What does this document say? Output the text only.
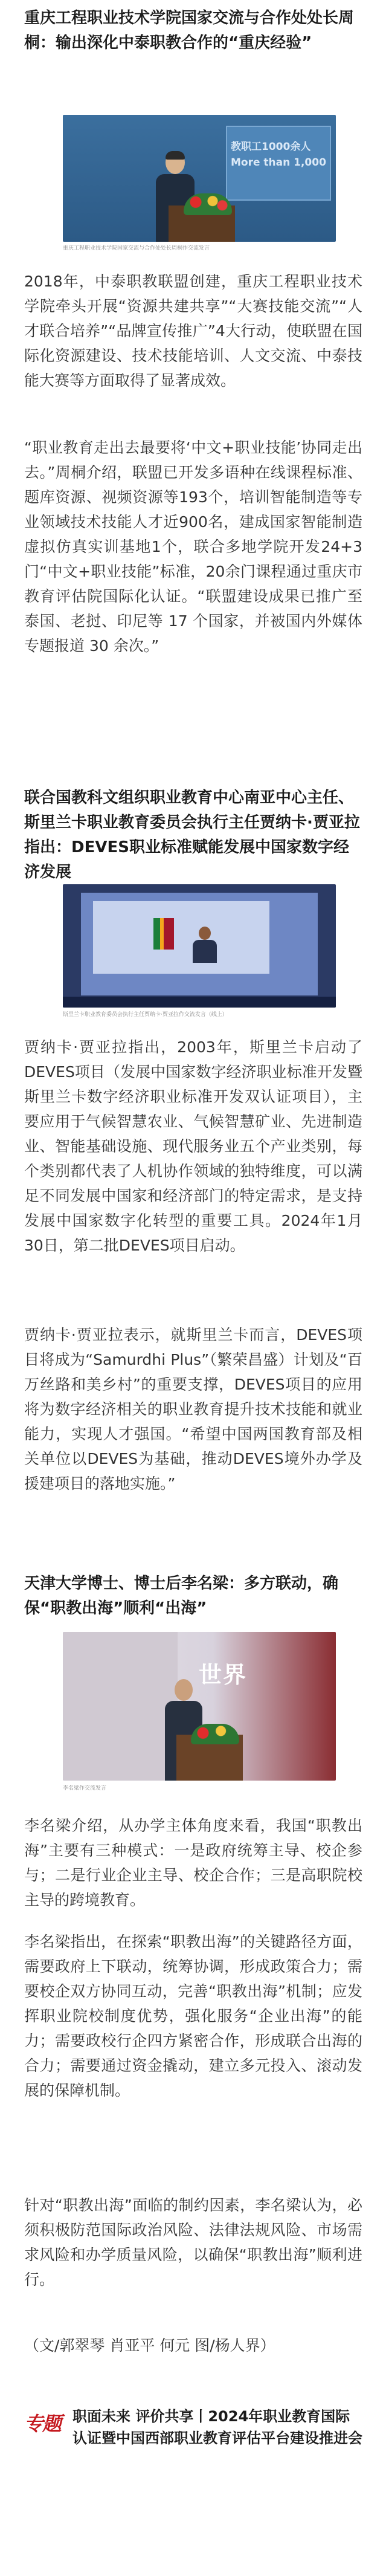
重庆工程职业技术学院国家交流与合作处处长周桐：输出深化中泰职教合作的“重庆经验”
教职工1000余人
More than 1,000
重庆工程职业技术学院国家交流与合作处处长周桐作交流发言

2018年，中泰职教联盟创建，重庆工程职业技术学院牵头开展“资源共建共享”“大赛技能交流”“人才联合培养”“品牌宣传推广”4大行动，使联盟在国际化资源建设、技术技能培训、人文交流、中泰技能大赛等方面取得了显著成效。

“职业教育走出去最要将‘中文+职业技能’协同走出去。”周桐介绍，联盟已开发多语种在线课程标准、题库资源、视频资源等193个，培训智能制造等专业领域技术技能人才近900名，建成国家智能制造虚拟仿真实训基地1个，联合多地学院开发24+3门“中文+职业技能”标准，20余门课程通过重庆市教育评估院国际化认证。“联盟建设成果已推广至泰国、老挝、印尼等 17 个国家，并被国内外媒体专题报道 30 余次。”

联合国教科文组织职业教育中心南亚中心主任、斯里兰卡职业教育委员会执行主任贾纳卡·贾亚拉指出：DEVES职业标准赋能发展中国家数字经济发展
斯里兰卡职业教育委员会执行主任贾纳卡·贾亚拉作交流发言（线上）

贾纳卡·贾亚拉指出，2003年，斯里兰卡启动了DEVES项目（发展中国家数字经济职业标准开发暨斯里兰卡数字经济职业标准开发双认证项目），主要应用于气候智慧农业、气候智慧矿业、先进制造业、智能基础设施、现代服务业五个产业类别，每个类别都代表了人机协作领域的独特维度，可以满足不同发展中国家和经济部门的特定需求，是支持发展中国家数字化转型的重要工具。2024年1月30日，第二批DEVES项目启动。

贾纳卡·贾亚拉表示，就斯里兰卡而言，DEVES项目将成为“Samurdhi Plus”（繁荣昌盛）计划及“百万丝路和美乡村”的重要支撑，DEVES项目的应用将为数字经济相关的职业教育提升技术技能和就业能力，实现人才强国。“希望中国两国教育部及相关单位以DEVES为基础，推动DEVES境外办学及援建项目的落地实施。”

天津大学博士、博士后李名梁：多方联动，确保“职教出海”顺利“出海”
世界
李名梁作交流发言

李名梁介绍，从办学主体角度来看，我国“职教出海”主要有三种模式：一是政府统筹主导、校企参与；二是行业企业主导、校企合作；三是高职院校主导的跨境教育。

李名梁指出，在探索“职教出海”的关键路径方面，需要政府上下联动，统筹协调，形成政策合力；需要校企双方协同互动，完善“职教出海”机制；应发挥职业院校制度优势，强化服务“企业出海”的能力；需要政校行企四方紧密合作，形成联合出海的合力；需要通过资金撬动，建立多元投入、滚动发展的保障机制。

针对“职教出海”面临的制约因素，李名梁认为，必须积极防范国际政治风险、法律法规风险、市场需求风险和办学质量风险，以确保“职教出海”顺利进行。

（文/郭翠琴 肖亚平 何元 图/杨人界）

专题 职面未来 评价共享丨2024年职业教育国际认证暨中国西部职业教育评估平台建设推进会
